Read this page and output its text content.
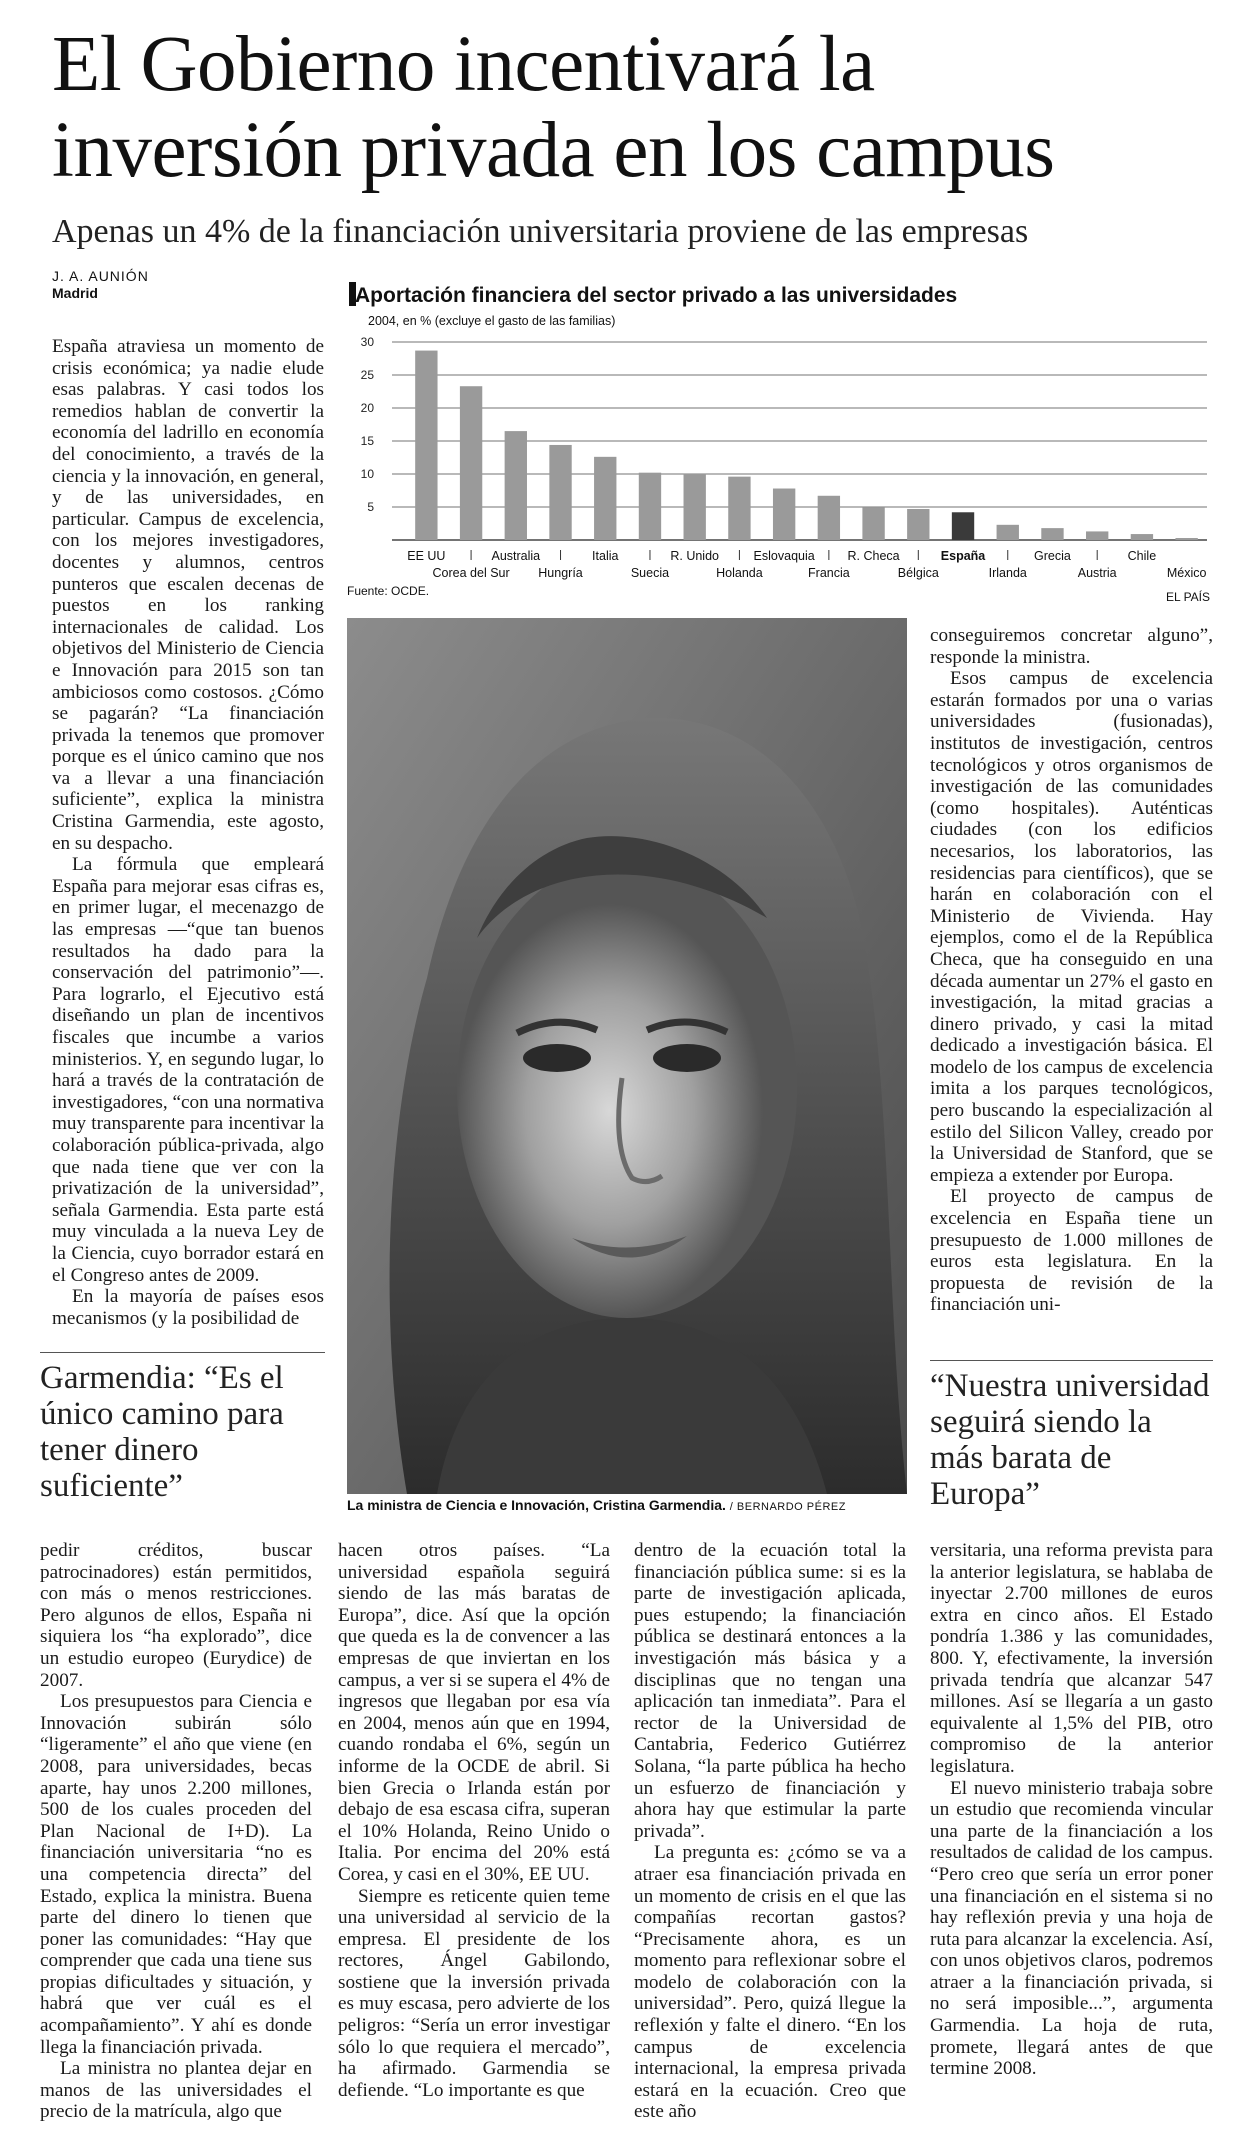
El Gobierno incentivará la
inversión privada en los campus
Apenas un 4% de la financiación universitaria proviene de las empresas
J. A. AUNIÓN
Madrid	Aportación financiera del sector privado a las universidades
2004, en % (excluye el gasto de las familias)
5
10
15
20
25
30
EE UU
Corea del Sur
Australia
Hungría
Italia
Suecia
R. Unido
Holanda
Eslovaquia
Francia
R. Checa
Bélgica
España
Irlanda
Grecia
Austria
Chile
México
Fuente: OCDE.	EL PAÍS

España atraviesa un momento de crisis económica; ya nadie elude esas palabras. Y casi todos los remedios hablan de convertir la economía del ladrillo en economía del conocimiento, a través de la ciencia y la innovación, en general, y de las universidades, en particular. Campus de excelencia, con los mejores investigadores, docentes y alumnos, centros punteros que escalen decenas de puestos en los ranking internacionales de calidad. Los objetivos del Ministerio de Ciencia e Innovación para 2015 son tan ambiciosos como costosos. ¿Cómo se pagarán? “La financiación privada la tenemos que promover porque es el único camino que nos va a llevar a una financiación suficiente”, explica la ministra Cristina Garmendia, este agosto, en su despacho.

La fórmula que empleará España para mejorar esas cifras es, en primer lugar, el mecenazgo de las empresas —“que tan buenos resultados ha dado para la conservación del patrimonio”—. Para lograrlo, el Ejecutivo está diseñando un plan de incentivos fiscales que incumbe a varios ministerios. Y, en segundo lugar, lo hará a través de la contratación de investigadores, “con una normativa muy transparente para incentivar la colaboración pública-privada, algo que nada tiene que ver con la privatización de la universidad”, señala Garmendia. Esta parte está muy vinculada a la nueva Ley de la Ciencia, cuyo borrador estará en el Congreso antes de 2009.

En la mayoría de países esos mecanismos (y la posibilidad de

Garmendia: “Es el único camino para tener dinero suficiente”
La ministra de Ciencia e Innovación, Cristina Garmendia. / BERNARDO PÉREZ

conseguiremos concretar alguno”, responde la ministra.

Esos campus de excelencia estarán formados por una o varias universidades (fusionadas), institutos de investigación, centros tecnológicos y otros organismos de investigación de las comunidades (como hospitales). Auténticas ciudades (con los edificios necesarios, los laboratorios, las residencias para científicos), que se harán en colaboración con el Ministerio de Vivienda. Hay ejemplos, como el de la República Checa, que ha conseguido en una década aumentar un 27% el gasto en investigación, la mitad gracias a dinero privado, y casi la mitad dedicado a investigación básica. El modelo de los campus de excelencia imita a los parques tecnológicos, pero buscando la especialización al estilo del Silicon Valley, creado por la Universidad de Stanford, que se empieza a extender por Europa.

El proyecto de campus de excelencia en España tiene un presupuesto de 1.000 millones de euros esta legislatura. En la propuesta de revisión de la financiación uni-

“Nuestra universidad seguirá siendo la más barata de Europa”

pedir créditos, buscar patrocinadores) están permitidos, con más o menos restricciones. Pero algunos de ellos, España ni siquiera los “ha explorado”, dice un estudio europeo (Eurydice) de 2007.

Los presupuestos para Ciencia e Innovación subirán sólo “ligeramente” el año que viene (en 2008, para universidades, becas aparte, hay unos 2.200 millones, 500 de los cuales proceden del Plan Nacional de I+D). La financiación universitaria “no es una competencia directa” del Estado, explica la ministra. Buena parte del dinero lo tienen que poner las comunidades: “Hay que comprender que cada una tiene sus propias dificultades y situación, y habrá que ver cuál es el acompañamiento”. Y ahí es donde llega la financiación privada.

La ministra no plantea dejar en manos de las universidades el precio de la matrícula, algo que

hacen otros países. “La universidad española seguirá siendo de las más baratas de Europa”, dice. Así que la opción que queda es la de convencer a las empresas de que inviertan en los campus, a ver si se supera el 4% de ingresos que llegaban por esa vía en 2004, menos aún que en 1994, cuando rondaba el 6%, según un informe de la OCDE de abril. Si bien Grecia o Irlanda están por debajo de esa escasa cifra, superan el 10% Holanda, Reino Unido o Italia. Por encima del 20% está Corea, y casi en el 30%, EE UU.

Siempre es reticente quien teme una universidad al servicio de la empresa. El presidente de los rectores, Ángel Gabilondo, sostiene que la inversión privada es muy escasa, pero advierte de los peligros: “Sería un error investigar sólo lo que requiera el mercado”, ha afirmado. Garmendia se defiende. “Lo importante es que

dentro de la ecuación total la financiación pública sume: si es la parte de investigación aplicada, pues estupendo; la financiación pública se destinará entonces a la investigación más básica y a disciplinas que no tengan una aplicación tan inmediata”. Para el rector de la Universidad de Cantabria, Federico Gutiérrez Solana, “la parte pública ha hecho un esfuerzo de financiación y ahora hay que estimular la parte privada”.

La pregunta es: ¿cómo se va a atraer esa financiación privada en un momento de crisis en el que las compañías recortan gastos? “Precisamente ahora, es un momento para reflexionar sobre el modelo de colaboración con la universidad”. Pero, quizá llegue la reflexión y falte el dinero. “En los campus de excelencia internacional, la empresa privada estará en la ecuación. Creo que este año

versitaria, una reforma prevista para la anterior legislatura, se hablaba de inyectar 2.700 millones de euros extra en cinco años. El Estado pondría 1.386 y las comunidades, 800. Y, efectivamente, la inversión privada tendría que alcanzar 547 millones. Así se llegaría a un gasto equivalente al 1,5% del PIB, otro compromiso de la anterior legislatura.

El nuevo ministerio trabaja sobre un estudio que recomienda vincular una parte de la financiación a los resultados de calidad de los campus. “Pero creo que sería un error poner una financiación en el sistema si no hay reflexión previa y una hoja de ruta para alcanzar la excelencia. Así, con unos objetivos claros, podremos atraer a la financiación privada, si no será imposible...”, argumenta Garmendia. La hoja de ruta, promete, llegará antes de que termine 2008.
